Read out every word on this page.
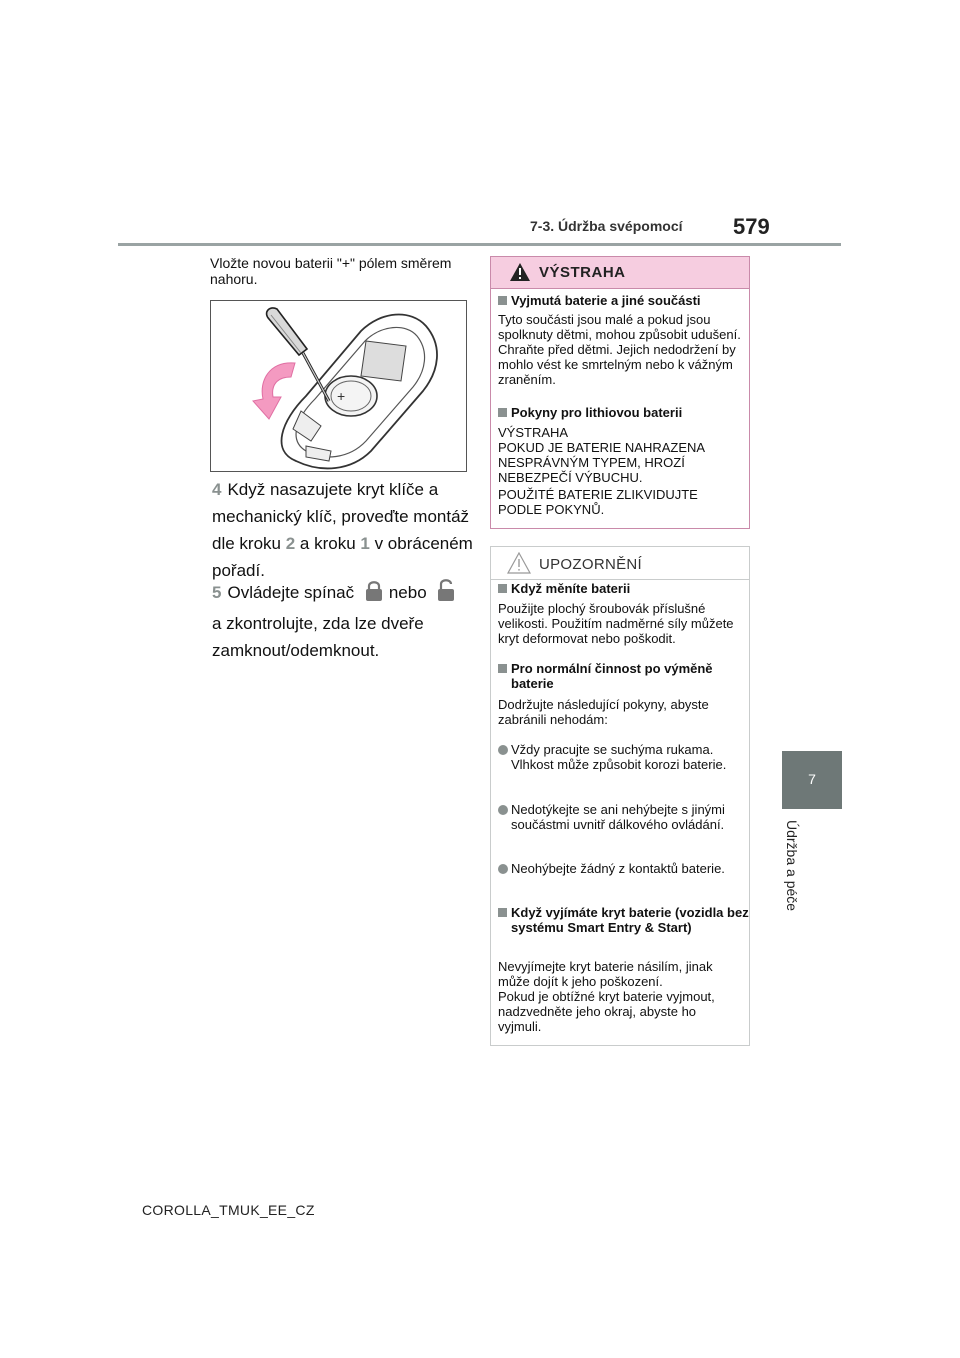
7-3. Údržba svépomocí 579
7
Údržba a péče
Vložte novou baterii "+" pólem směrem nahoru.
+
4 Když nasazujete kryt klíče a mechanický klíč, proveďte montáž dle kroku 2 a kroku 1 v obráceném pořadí.
5 Ovládejte spínač nebo
a zkontrolujte, zda lze dveře zamknout/odemknout.
VÝSTRAHA
Vyjmutá baterie a jiné součásti
Tyto součásti jsou malé a pokud jsou spolknuty dětmi, mohou způsobit udušení. Chraňte před dětmi. Jejich nedodržení by mohlo vést ke smrtelným nebo k vážným zraněním.
Pokyny pro lithiovou baterii
VÝSTRAHA
POKUD JE BATERIE NAHRAZENA NESPRÁVNÝM TYPEM, HROZÍ NEBEZPEČÍ VÝBUCHU.
POUŽITÉ BATERIE ZLIKVIDUJTE PODLE POKYNŮ.
UPOZORNĚNÍ
Když měníte baterii
Použijte plochý šroubovák příslušné velikosti. Použitím nadměrné síly můžete kryt deformovat nebo poškodit.
Pro normální činnost po výměně baterie
Dodržujte následující pokyny, abyste zabránili nehodám:
Vždy pracujte se suchýma rukama. Vlhkost může způsobit korozi baterie.
Nedotýkejte se ani nehýbejte s jinými součástmi uvnitř dálkového ovládání.
Neohýbejte žádný z kontaktů baterie.
Když vyjímáte kryt baterie (vozidla bez systému Smart Entry & Start)
Nevyjímejte kryt baterie násilím, jinak může dojít k jeho poškození.
Pokud je obtížné kryt baterie vyjmout, nadzvedněte jeho okraj, abyste ho vyjmuli.
COROLLA_TMUK_EE_CZ
